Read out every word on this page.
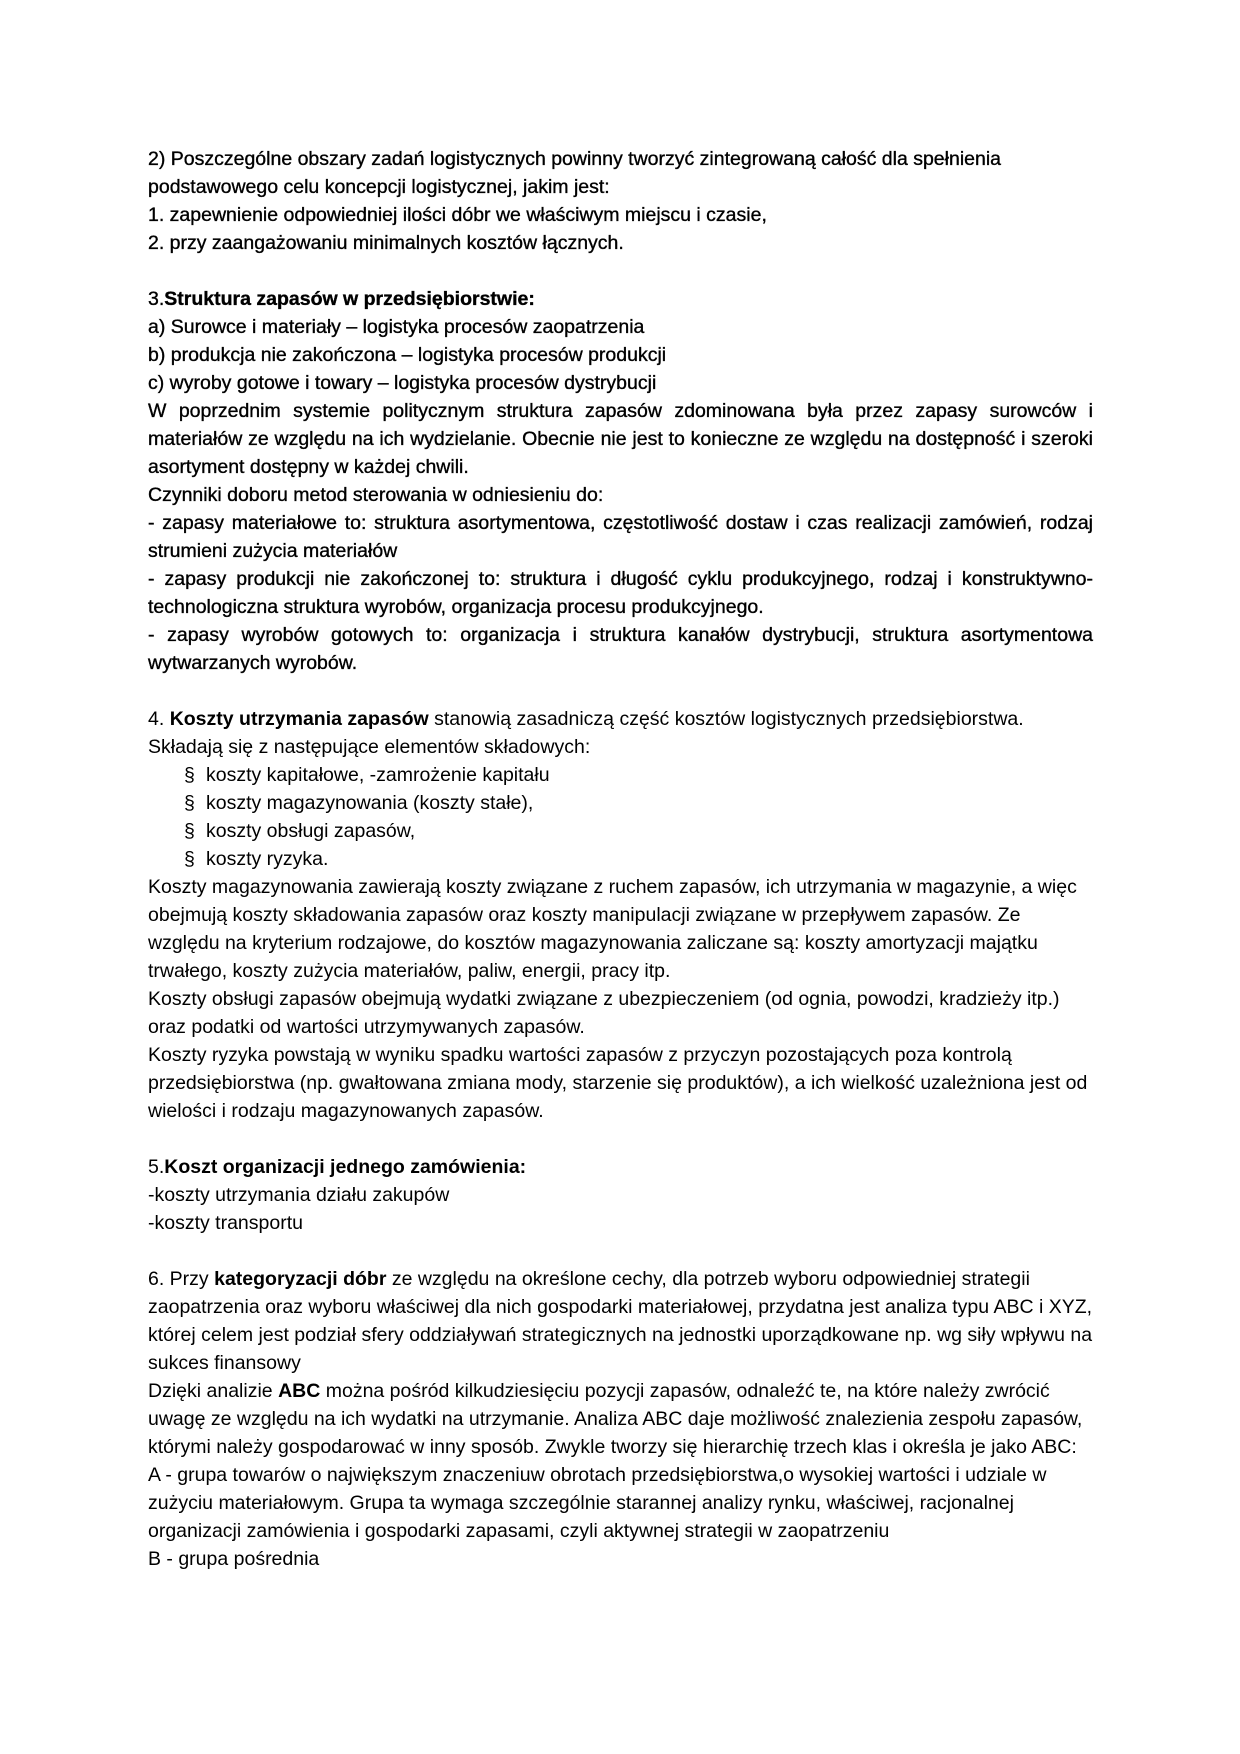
2) Poszczególne obszary zadań logistycznych powinny tworzyć zintegrowaną całość dla spełnienia podstawowego celu koncepcji logistycznej, jakim jest:

1. zapewnienie odpowiedniej ilości dóbr we właściwym miejscu i czasie,

2. przy zaangażowaniu minimalnych kosztów łącznych.

3.Struktura zapasów w przedsiębiorstwie:

a) Surowce i materiały – logistyka procesów zaopatrzenia

b) produkcja nie zakończona – logistyka procesów produkcji

c) wyroby gotowe i towary – logistyka procesów dystrybucji

W poprzednim systemie politycznym struktura zapasów zdominowana była przez zapasy surowców i materiałów ze względu na ich wydzielanie. Obecnie nie jest to konieczne ze względu na dostępność i szeroki asortyment dostępny w każdej chwili.

Czynniki doboru metod sterowania w odniesieniu do:

- zapasy materiałowe to: struktura asortymentowa, częstotliwość dostaw i czas realizacji zamówień, rodzaj strumieni zużycia materiałów

- zapasy produkcji nie zakończonej to: struktura i długość cyklu produkcyjnego, rodzaj i konstruktywno-technologiczna struktura wyrobów, organizacja procesu produkcyjnego.

- zapasy wyrobów gotowych to: organizacja i struktura kanałów dystrybucji, struktura asortymentowa wytwarzanych wyrobów.

4. Koszty utrzymania zapasów stanowią zasadniczą część kosztów logistycznych przedsiębiorstwa.

Składają się z następujące elementów składowych:

§ koszty kapitałowe, -zamrożenie kapitału
§ koszty magazynowania (koszty stałe),
§ koszty obsługi zapasów,
§ koszty ryzyka.

Koszty magazynowania zawierają koszty związane z ruchem zapasów, ich utrzymania w magazynie, a więc obejmują koszty składowania zapasów oraz koszty manipulacji związane w przepływem zapasów. Ze względu na kryterium rodzajowe, do kosztów magazynowania zaliczane są: koszty amortyzacji majątku trwałego, koszty zużycia materiałów, paliw, energii, pracy itp.

Koszty obsługi zapasów obejmują wydatki związane z ubezpieczeniem (od ognia, powodzi, kradzieży itp.) oraz podatki od wartości utrzymywanych zapasów.

Koszty ryzyka powstają w wyniku spadku wartości zapasów z przyczyn pozostających poza kontrolą przedsiębiorstwa (np. gwałtowana zmiana mody, starzenie się produktów), a ich wielkość uzależniona jest od wielości i rodzaju magazynowanych zapasów.

5.Koszt organizacji jednego zamówienia:

-koszty utrzymania działu zakupów

-koszty transportu

6. Przy kategoryzacji dóbr ze względu na określone cechy, dla potrzeb wyboru odpowiedniej strategii zaopatrzenia oraz wyboru właściwej dla nich gospodarki materiałowej, przydatna jest analiza typu ABC i XYZ, której celem jest podział sfery oddziaływań strategicznych na jednostki uporządkowane np. wg siły wpływu na sukces finansowy

Dzięki analizie ABC można pośród kilkudziesięciu pozycji zapasów, odnaleźć te, na które należy zwrócić uwagę ze względu na ich wydatki na utrzymanie. Analiza ABC daje możliwość znalezienia zespołu zapasów, którymi należy gospodarować w inny sposób. Zwykle tworzy się hierarchię trzech klas i określa je jako ABC:

A - grupa towarów o największym znaczeniuw obrotach przedsiębiorstwa,o wysokiej wartości i udziale w zużyciu materiałowym. Grupa ta wymaga szczególnie starannej analizy rynku, właściwej, racjonalnej organizacji zamówienia i gospodarki zapasami, czyli aktywnej strategii w zaopatrzeniu

B - grupa pośrednia
